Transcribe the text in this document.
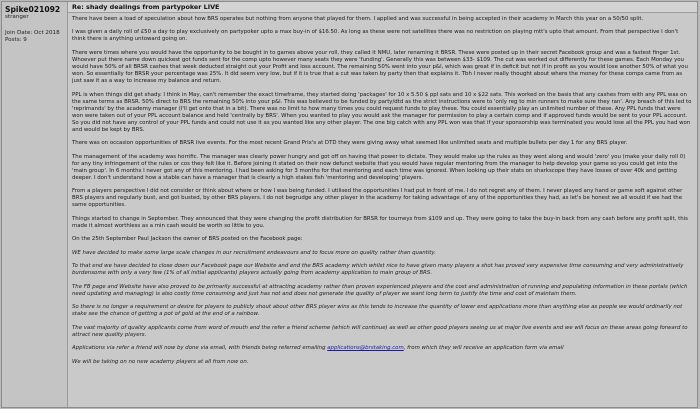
Spike021092
stranger
Join Date: Oct 2018
Posts: 9
Re: shady dealings from partypoker LIVE

There have been a load of speculation about how BRS operates but nothing from anyone that played for them. I applied and was successful in being accepted in their academy in March this year on a 50/50 split.

I was given a daily roll of £50 a day to play exclusively on partypoker upto a max buy-in of $16.50. As long as these were not satellites there was no restriction on playing mtt's upto that amount. From that perspective I don't think there is anything untoward going on.

There were times where you would have the opportunity to be bought in to games above your roll, they called it NMU, later renaming it BRSR. These were posted up in their secret Facebook group and was a fastest finger 1st. Whoever put there name down quickest got funds sent for the comp upto however many seats they were 'funding'. Generally this was between $33- $109. The cut was worked out differently for these games. Each Monday you would have 50% of all BRSR cashes that week deducted straight out your Profit and loss account. The remaining 50% went into your p&l, which was great if in deficit but not if in profit as you would lose another 50% of what you won. So essentially for BRSR your percentage was 25%. It did seem very low, but if it is true that a cut was taken by party then that explains it. Tbh I never really thought about where the money for these comps came from as just saw it as a way to increase my balance and return.

PPL is when things did get shady. I think in May, can't remember the exact timeframe, they started doing 'packages' for 10 x 5.50 $ ppl sats and 10 x $22 sats. This worked on the basis that any cashes from with any PPL was on the same terms as BRSR. 50% direct to BRS the remaining 50% into your p&l. This was believed to be funded by party/dtd as the strict instructions were to 'only reg to min runners to make sure they ran'. Any breach of this led to 'reprimands' by the academy manager (I'll get onto that in a bit). There was no limit to how many times you could request funds to play these. You could essentially play an unlimited number of these. Any PPL funds that were won were taken out of your PPL account balance and held 'centrally by BRS'. When you wanted to play you would ask the manager for permission to play a certain comp and if approved funds would be sent to your PPL account. So you did not have any control of your PPL funds and could not use it as you wanted like any other player. The one big catch with any PPL won was that if your sponsorship was terminated you would lose all the PPL you had won and would be kept by BRS.

There was on occasion opportunities of BRSR live events. For the most recent Grand Prix's at DTD they were giving away what seemed like unlimited seats and multiple bullets per day 1 for any BRS player.

The management of the academy was horrific. The manager was clearly power hungry and got off on having that power to dictate. They would make up the rules as they went along and would 'zero' you (make your daily roll 0) for any tiny infringement of the rules or cos they felt like it. Before joining it stated on their now defunct website that you would have regular mentoring from the manager to help develop your game so you could get into the 'main group'. In 6 months I never got any of this mentoring. I had been asking for 3 months for that mentoring and each time was ignored. When looking up their stats on sharkscope they have losses of over 40k and getting deeper. I don't understand how a stable can have a manager that is clearly a high stakes fish 'mentoring and developing' players.

From a players perspective I did not consider or think about where or how I was being funded. I utilised the opportunities I had put in front of me. I do not regret any of them. I never played any hand or game soft against other BRS players and regularly bust, and got busted, by other BRS players. I do not begrudge any other player in the academy for taking advantage of any of the opportunities they had, as let's be honest we all would if we had the same opportunities.

Things started to change in September. They announced that they were changing the profit distribution for BRSR for tourneys from $109 and up. They were going to take the buy-in back from any cash before any profit split, this made it almost worthless as a min cash would be worth so little to you.

On the 25th September Paul Jackson the owner of BRS posted on the Facebook page:

WE have decided to make some large scale changes in our recruitment endeavours and to focus more on quality rather than quantity.

To that end we have decided to close down our Facebook page our Website and end the BRS academy which whilst nice to have given many players a shot has proved very expensive time consuming and very administratively burdensome with only a very few (1% of all initial applicants) players actually going from academy application to main group of BRS.

The FB page and Website have also proved to be primarily successful at attracting academy rather than proven experienced players and the cost and administration of running and populating information in these portals (which need updating and managing) is also costly time consuming and just has not and does not generate the quality of player we want long term to justify the time and cost of maintain them.

So there is no longer a requirement or desire for players to publicly shout about other BRS player wins as this tends to increase the quantity of lower end applications more than anything else as people we would ordinarily not stake see the chance of getting a pot of gold at the end of a rainbow.

The vast majority of quality applicants come from word of mouth and the refer a friend scheme (which will continue) as well as other good players seeing us at major live events and we will focus on these areas going forward to attract new quality players.

Applications via refer a friend will now by done via email, with friends being referred emailing applications@brstaking.com, from which they will receive an application form via email

We will be taking on no new academy players at all from now on.
